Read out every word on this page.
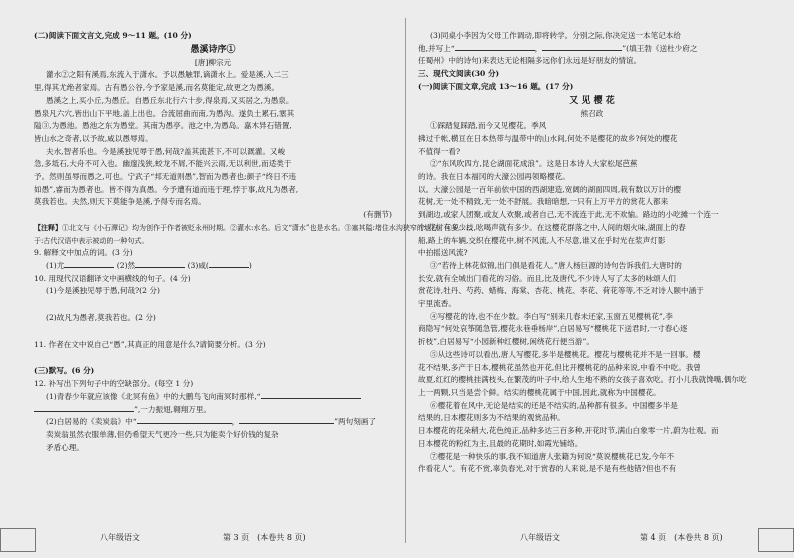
(二)阅读下面文言文,完成 9～11 题。(10 分)

愚溪诗序①

[唐]柳宗元

灌水②之阳有溪焉,东流入于潇水。予以愚触罪,谪潇水上。爱是溪,入二三

里,得其尤绝者家焉。古有愚公谷,今予家是溪,而名莫能定,故更之为愚溪。

愚溪之上,买小丘,为愚丘。自愚丘东北行六十步,得泉焉,又买居之,为愚泉。

愚泉凡六穴,皆出山下平地,盖上出也。合流屈曲而南,为愚沟。遂负土累石,塞其

隘③,为愚池。愚池之东为愚堂。其南为愚亭。池之中,为愚岛。嘉木异石错置,

皆山水之奇者,以予故,咸以愚辱焉。

夫水,智者乐也。今是溪独见辱于愚,何哉?盖其流甚下,不可以溉灌。又峻

急,多坻石,大舟不可入也。幽邃浅狭,蛟龙不屑,不能兴云雨,无以利世,而适类于

予。然则虽辱而愚之,可也。宁武子“邦无道则愚”,智而为愚者也;颜子“终日不违

如愚”,睿而为愚者也。皆不得为真愚。今予遭有道而违于理,悖于事,故凡为愚者,

莫我若也。夫然,则天下莫能争是溪,予得专而名焉。

(有删节)

【注释】①北文与《小石潭记》均为创作于作者被贬永州时期。②灌水:水名。后文“潇水”也是水名。③塞其隘:堵住水沟狭窄的地方。④见……

于:古代汉语中表示被动的一种句式。

9. 解释文中加点的词。(3 分)

(1)尤	(2)然	(3)咸(	)

10. 用现代汉语翻译文中画横线的句子。(4 分)

(1)今是溪独见辱于愚,何哉?(2 分)

(2)故凡为愚者,莫我若也。(2 分)

11. 作者在文中说自己“愚”,其真正的用意是什么?请简要分析。(3 分)

(三)默写。(6 分)

12. 补写出下列句子中的空缺部分。(每空 1 分)

(1)青春少年就应该像《北冥有鱼》中的大鹏鸟飞向南冥时那样,“

”,一力振翅,翱翔万里。

(2)白居易的《卖炭翁》中“	，	”两句刻画了

卖炭翁虽然衣服单薄,但仍希望天气更冷一些,只为能卖个好价钱的复杂

矛盾心理。

(3)同桌小李因为父母工作调动,即将转学。分别之际,你决定送一本笔记本给

他,并写上“	，	”(填王勃《送杜少府之

任蜀州》中的诗句)来表达无论相隔多远你们永远是好朋友的情谊。

三、现代文阅读(30 分)

(一)阅读下面文章,完成 13～16 题。(17 分)

又 见 樱 花

熊召政

①踩踏复踩踏,而今又见樱花。季风

拂过千帐,横亘在日本热带与温带中的山水间,何处不是樱花的故乡?何处的樱花

不值得一看?

②“东风吹四方,昆仑湖面花成浪”。这是日本诗人大家松尾芭蕉

的诗。我在日本福冈的大濠公园再领略樱花。

以。大濠公园是一百年前依中国的西湖建造,宽阔的湖面四周,栽有数以万计的樱

花树,无一处不精致,无一处不舒展。我暗暗想,一只有上万平方的赏花人都来

到湖边,或家人团聚,或友人欢聚,或者自己,无不流连于此,无不欢愉。路边的小吃摊一个连一

个,花树有多少枝,吆喝声就有多少。在这樱花群落之中,人间的烟火味,湖面上的春

船,路上的车辆,交织在樱花中,树不风流,人不尽意,谁又在乎时光在浆声灯影

中拍摇送风流?

③“若待上林花似锦,出门俱是看花人。”唐人杨巨源的诗句告诉我们,大唐时的

长安,就有全城出门看花的习俗。而且,比及唐代,不少诗人写了太多的咏颂人们

赏花诗,牡丹、芍药、蜡梅、海棠、杏花、桃花、李花、荷花等等,不乏对诗人颐中涵于

宇里流香。

④写樱花的诗,也不在少数。李白写“别来几春未还家,玉窗五见樱桃花”,李

商隐写“何处哀筝随急管,樱花永巷垂杨岸”,白居易写“樱桃花下送君时,一寸春心逐

折枝”,白居易写“小园新种红樱树,闲绕花行便当游”。

⑤从这些诗可以看出,唐人写樱花,多半是樱桃花。樱花与樱桃花并不是一回事。樱

花不结果,多产于日本,樱桃花虽然也开花,但比开樱桃花的品种来说,中看不中吃。我曾

故夏,红红的樱桃挂满枝头,在繁茂的叶子中,给人生地不熟的女孩子喜欢吃。打小儿我就馋嘴,偶尔吃

上一两颗,只当是尝个鲜。结实的樱桃花属于中国,因此,就称为中国樱花。

⑥樱花着在风中,无论是结实的还是不结实的,品种都有很多。中国樱多半是

结果的,日本樱花则多为不结果的观赏品种。

日本樱花的花朵稍大,花色纯正,品种多达三百多种,开花时节,满山白象零一片,蔚为壮观。而

日本樱花的粉红为主,且最的花期时,如霞光铺络。

⑦樱花是一种快乐的事,我不知道唐人张籍为何说“莫说樱桃花已发,今年不

作看花人”。有花不赏,辜负春光,对于赏春的人来说,是不是有些他错?但也不有

八年级语文	第 3 页　(本卷共 8 页)	八年级语文	第 4 页　(本卷共 8 页)
